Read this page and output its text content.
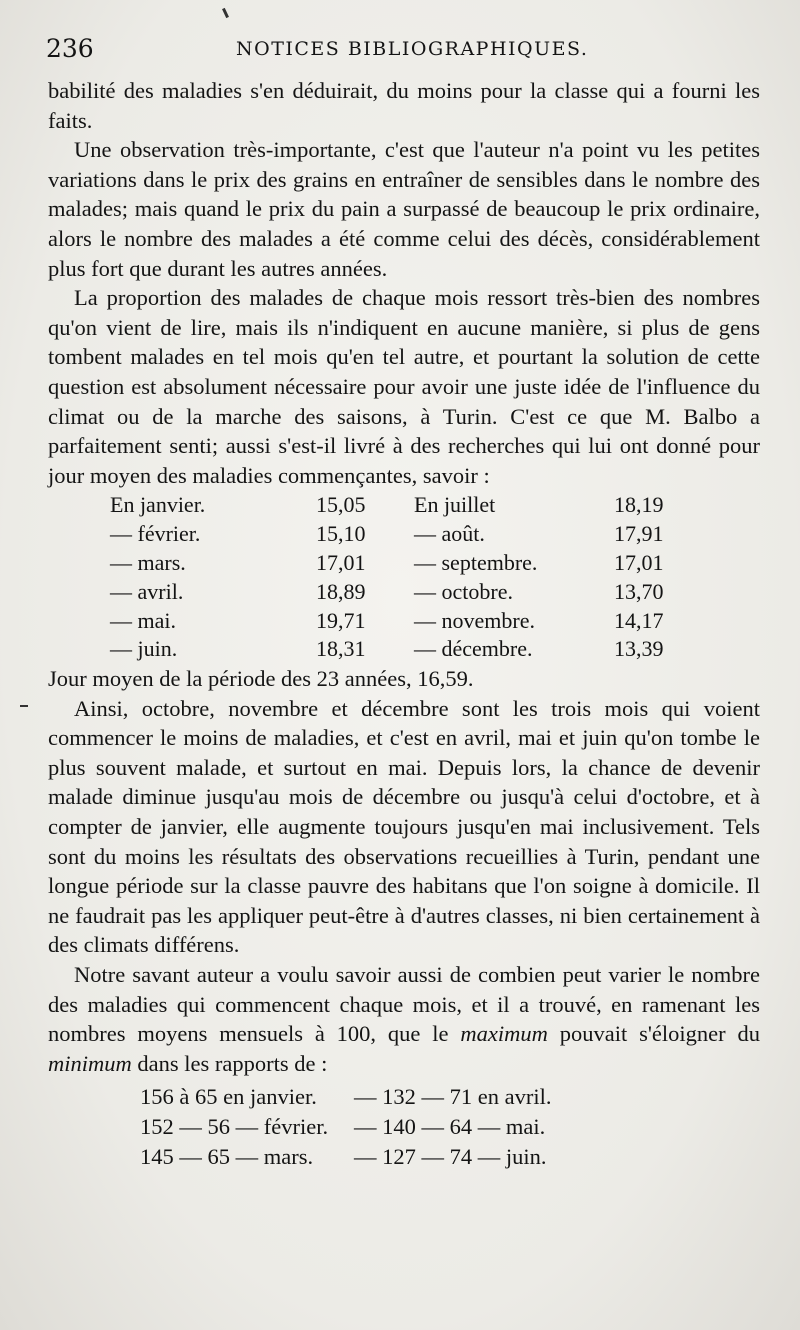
236	NOTICES BIBLIOGRAPHIQUES.

babilité des maladies s'en déduirait, du moins pour la classe qui a fourni les faits.

Une observation très-importante, c'est que l'auteur n'a point vu les petites variations dans le prix des grains en entraîner de sensibles dans le nombre des malades; mais quand le prix du pain a surpassé de beaucoup le prix ordinaire, alors le nombre des malades a été comme celui des décès, considérablement plus fort que durant les autres années.

La proportion des malades de chaque mois ressort très-bien des nombres qu'on vient de lire, mais ils n'indiquent en aucune manière, si plus de gens tombent malades en tel mois qu'en tel autre, et pourtant la solution de cette question est absolument nécessaire pour avoir une juste idée de l'influence du climat ou de la marche des saisons, à Turin. C'est ce que M. Balbo a parfaitement senti; aussi s'est-il livré à des recherches qui lui ont donné pour jour moyen des maladies commençantes, savoir :

En janvier.	15,05	En juillet	18,19
— février.	15,10	— août.	17,91
— mars.	17,01	— septembre.	17,01
— avril.	18,89	— octobre.	13,70
— mai.	19,71	— novembre.	14,17
— juin.	18,31	— décembre.	13,39

Jour moyen de la période des 23 années, 16,59.

Ainsi, octobre, novembre et décembre sont les trois mois qui voient commencer le moins de maladies, et c'est en avril, mai et juin qu'on tombe le plus souvent malade, et surtout en mai. Depuis lors, la chance de devenir malade diminue jusqu'au mois de décembre ou jusqu'à celui d'octobre, et à compter de janvier, elle augmente toujours jusqu'en mai inclusivement. Tels sont du moins les résultats des observations recueillies à Turin, pendant une longue période sur la classe pauvre des habitans que l'on soigne à domicile. Il ne faudrait pas les appliquer peut-être à d'autres classes, ni bien certainement à des climats différens.

Notre savant auteur a voulu savoir aussi de combien peut varier le nombre des maladies qui commencent chaque mois, et il a trouvé, en ramenant les nombres moyens mensuels à 100, que le maximum pouvait s'éloigner du minimum dans les rapports de :

156 à 65 en janvier.	— 132 — 71 en avril.
152 — 56 — février.	— 140 — 64 — mai.
145 — 65 — mars.	— 127 — 74 — juin.
